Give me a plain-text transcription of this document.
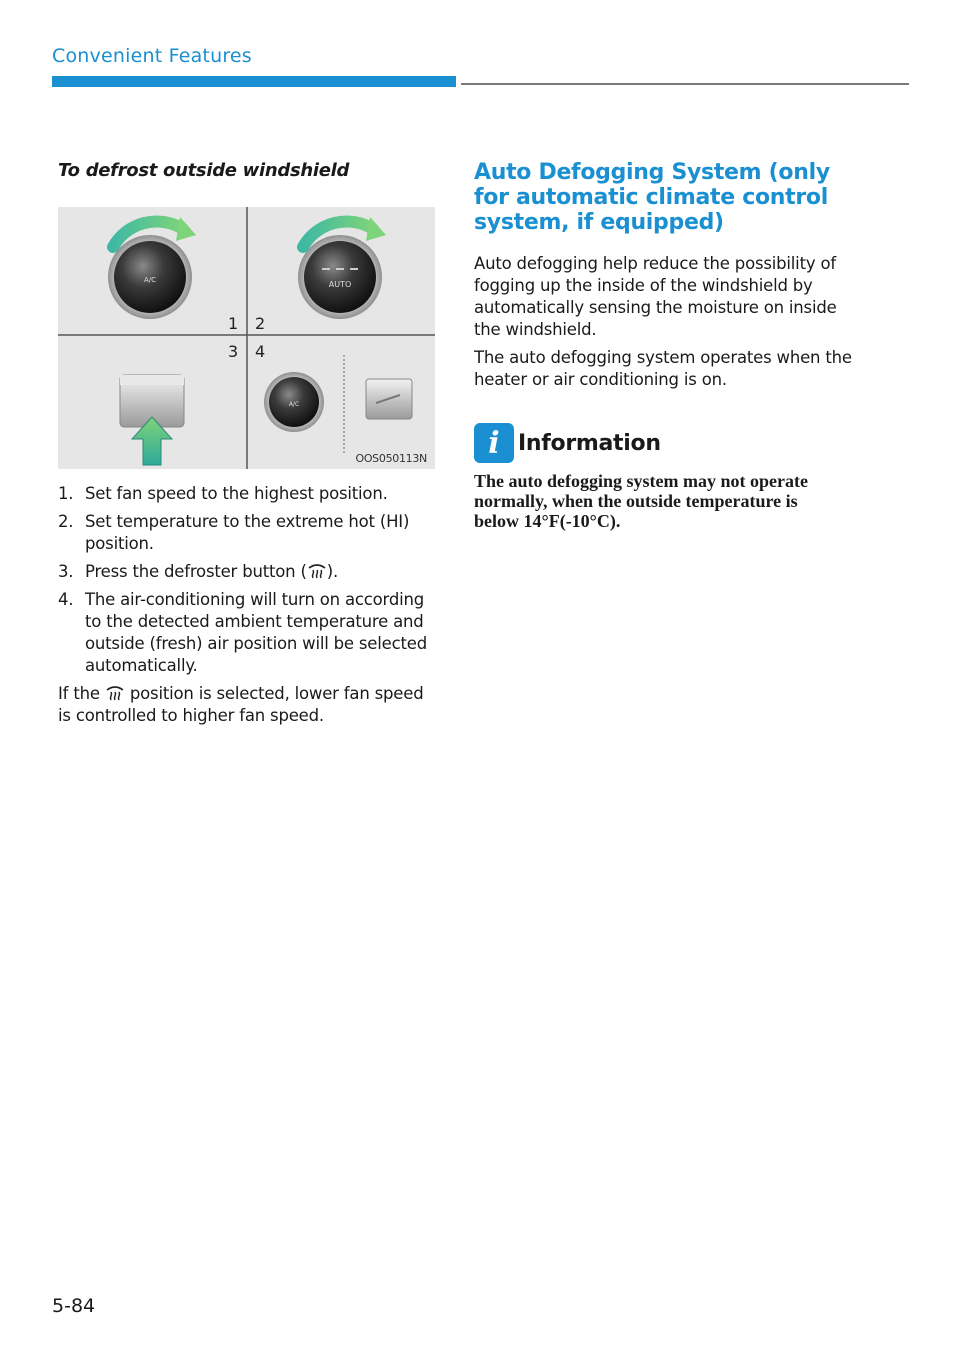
Convenient Features
To defrost outside windshield
A/C	AUTO
A/C
1 2
3 4
OOS050113N
1. Set fan speed to the highest position.
2. Set temperature to the extreme hot (HI) position.
3. Press the defroster button ( ).
4. The air-conditioning will turn on according to the detected ambient temperature and outside (fresh) air position will be selected automatically.

If the  position is selected, lower fan speed is controlled to higher fan speed.

Auto Defogging System (only for automatic climate control system, if equipped)

Auto defogging help reduce the possibility of fogging up the inside of the windshield by automatically sensing the moisture on inside the windshield.

The auto defogging system operates when the heater or air conditioning is on.

i Information
The auto defogging system may not operate normally, when the outside temperature is below 14°F(-10°C).
5-84
